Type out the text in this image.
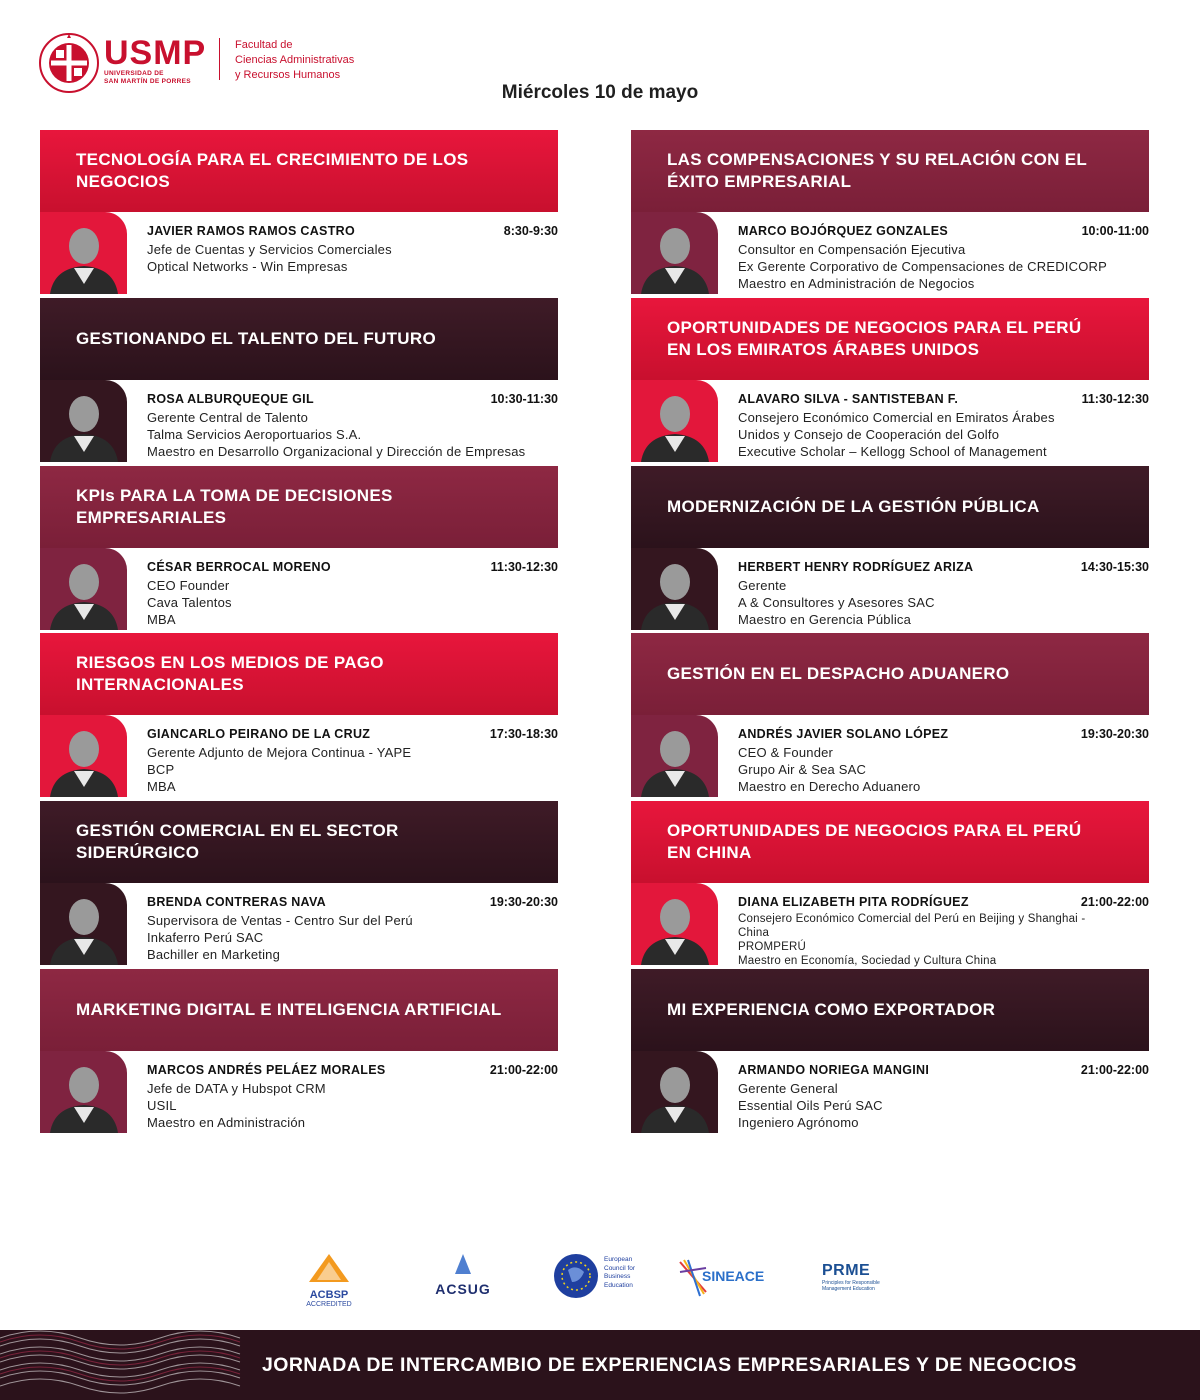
USMP
UNIVERSIDAD DE
SAN MARTÍN DE PORRES
Facultad de
Ciencias Administrativas
y Recursos Humanos
Miércoles 10 de mayo
TECNOLOGÍA PARA EL CRECIMIENTO DE LOS
NEGOCIOS
JAVIER RAMOS RAMOS CASTRO	8:30-9:30
Jefe de Cuentas y Servicios Comerciales
Optical Networks - Win Empresas
LAS COMPENSACIONES Y SU RELACIÓN CON EL
ÉXITO EMPRESARIAL
MARCO BOJÓRQUEZ GONZALES	10:00-11:00
Consultor en Compensación Ejecutiva
Ex Gerente Corporativo de Compensaciones de CREDICORP
Maestro en Administración de Negocios
GESTIONANDO EL TALENTO DEL FUTURO
ROSA ALBURQUEQUE GIL	10:30-11:30
Gerente Central de Talento
Talma Servicios Aeroportuarios S.A.
Maestro en Desarrollo Organizacional y Dirección de Empresas
OPORTUNIDADES DE NEGOCIOS PARA EL PERÚ
EN LOS EMIRATOS ÁRABES UNIDOS
ALAVARO SILVA - SANTISTEBAN F.	11:30-12:30
Consejero Económico Comercial en Emiratos Árabes
Unidos y Consejo de Cooperación del Golfo
Executive Scholar – Kellogg School of Management
KPIs PARA LA TOMA DE DECISIONES
EMPRESARIALES
CÉSAR BERROCAL MORENO	11:30-12:30
CEO Founder
Cava Talentos
MBA
MODERNIZACIÓN DE LA GESTIÓN PÚBLICA
HERBERT HENRY RODRÍGUEZ ARIZA	14:30-15:30
Gerente
A & Consultores y Asesores SAC
Maestro en Gerencia Pública
RIESGOS EN LOS MEDIOS DE PAGO
INTERNACIONALES
GIANCARLO PEIRANO DE LA CRUZ	17:30-18:30
Gerente Adjunto de Mejora Continua - YAPE
BCP
MBA
GESTIÓN EN EL DESPACHO ADUANERO
ANDRÉS JAVIER SOLANO LÓPEZ	19:30-20:30
CEO & Founder
Grupo Air & Sea SAC
Maestro en Derecho Aduanero
GESTIÓN COMERCIAL EN EL SECTOR
SIDERÚRGICO
BRENDA CONTRERAS NAVA	19:30-20:30
Supervisora de Ventas - Centro Sur del Perú
Inkaferro Perú SAC
Bachiller en Marketing
OPORTUNIDADES DE NEGOCIOS PARA EL PERÚ
EN CHINA
DIANA ELIZABETH PITA RODRÍGUEZ	21:00-22:00
Consejero Económico Comercial del Perú en Beijing y Shanghai -
China
PROMPERÚ
Maestro en Economía, Sociedad y Cultura China
MARKETING DIGITAL E INTELIGENCIA ARTIFICIAL
MARCOS ANDRÉS PELÁEZ MORALES	21:00-22:00
Jefe de DATA y Hubspot CRM
USIL
Maestro en Administración
MI EXPERIENCIA COMO EXPORTADOR
ARMANDO NORIEGA MANGINI	21:00-22:00
Gerente General
Essential Oils Perú SAC
Ingeniero Agrónomo
ACBSP
ACCREDITED
ACSUG
European
Council for
Business
Education
SINEACE	PRME
Principles for Responsible Management Education
JORNADA DE INTERCAMBIO DE EXPERIENCIAS EMPRESARIALES Y DE NEGOCIOS
